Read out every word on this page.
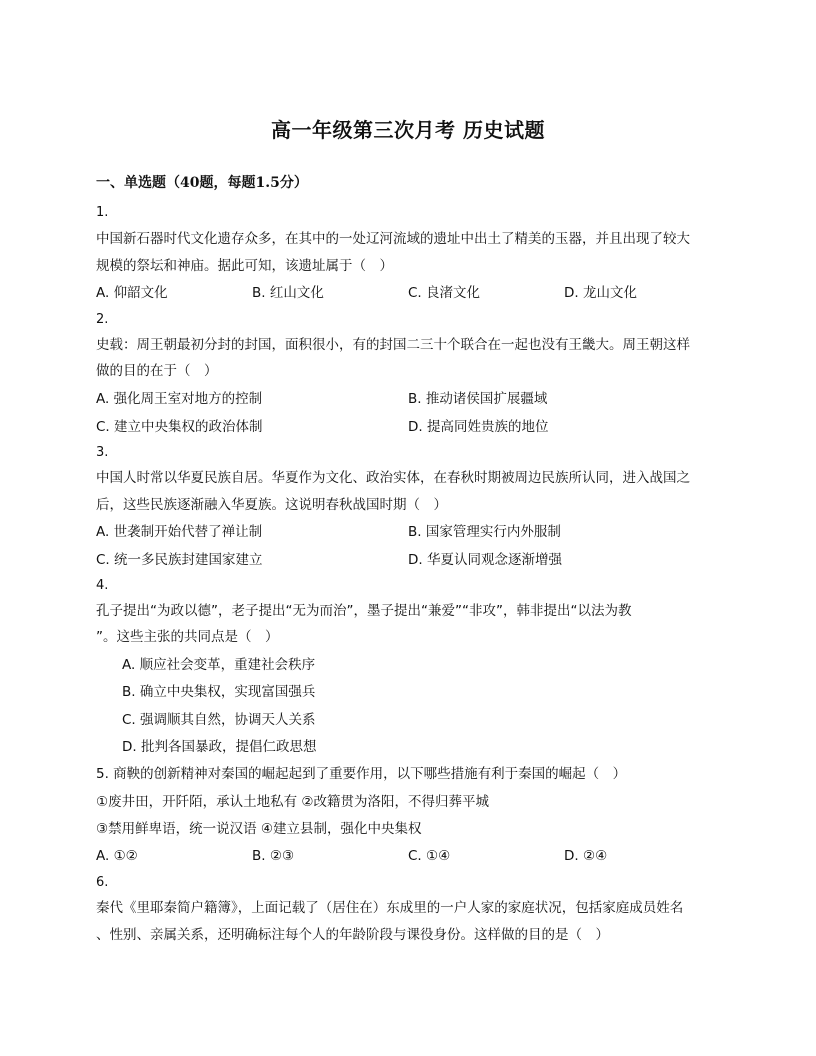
高一年级第三次月考 历史试题
一、单选题（40题，每题1.5分）
1.
中国新石器时代文化遗存众多，在其中的一处辽河流域的遗址中出土了精美的玉器，并且出现了较大
规模的祭坛和神庙。据此可知，该遗址属于（　）
A. 仰韶文化	B. 红山文化	C. 良渚文化	D. 龙山文化
2.
史载：周王朝最初分封的封国，面积很小，有的封国二三十个联合在一起也没有王畿大。周王朝这样
做的目的在于（　）
A. 强化周王室对地方的控制	B. 推动诸侯国扩展疆域
C. 建立中央集权的政治体制	D. 提高同姓贵族的地位
3.
中国人时常以华夏民族自居。华夏作为文化、政治实体，在春秋时期被周边民族所认同，进入战国之
后，这些民族逐渐融入华夏族。这说明春秋战国时期（　）
A. 世袭制开始代替了禅让制	B. 国家管理实行内外服制
C. 统一多民族封建国家建立	D. 华夏认同观念逐渐增强
4.
孔子提出“为政以德”，老子提出“无为而治”，墨子提出“兼爱”“非攻”，韩非提出“以法为教
”。这些主张的共同点是（　）
A. 顺应社会变革，重建社会秩序
B. 确立中央集权，实现富国强兵
C. 强调顺其自然，协调天人关系
D. 批判各国暴政，提倡仁政思想
5. 商鞅的创新精神对秦国的崛起起到了重要作用，以下哪些措施有利于秦国的崛起（　）
①废井田，开阡陌，承认土地私有 ②改籍贯为洛阳，不得归葬平城
③禁用鲜卑语，统一说汉语 ④建立县制，强化中央集权
A. ①②	B. ②③	C. ①④	D. ②④
6.
秦代《里耶秦简户籍簿》，上面记载了（居住在）东成里的一户人家的家庭状况，包括家庭成员姓名
、性别、亲属关系，还明确标注每个人的年龄阶段与课役身份。这样做的目的是（　）
